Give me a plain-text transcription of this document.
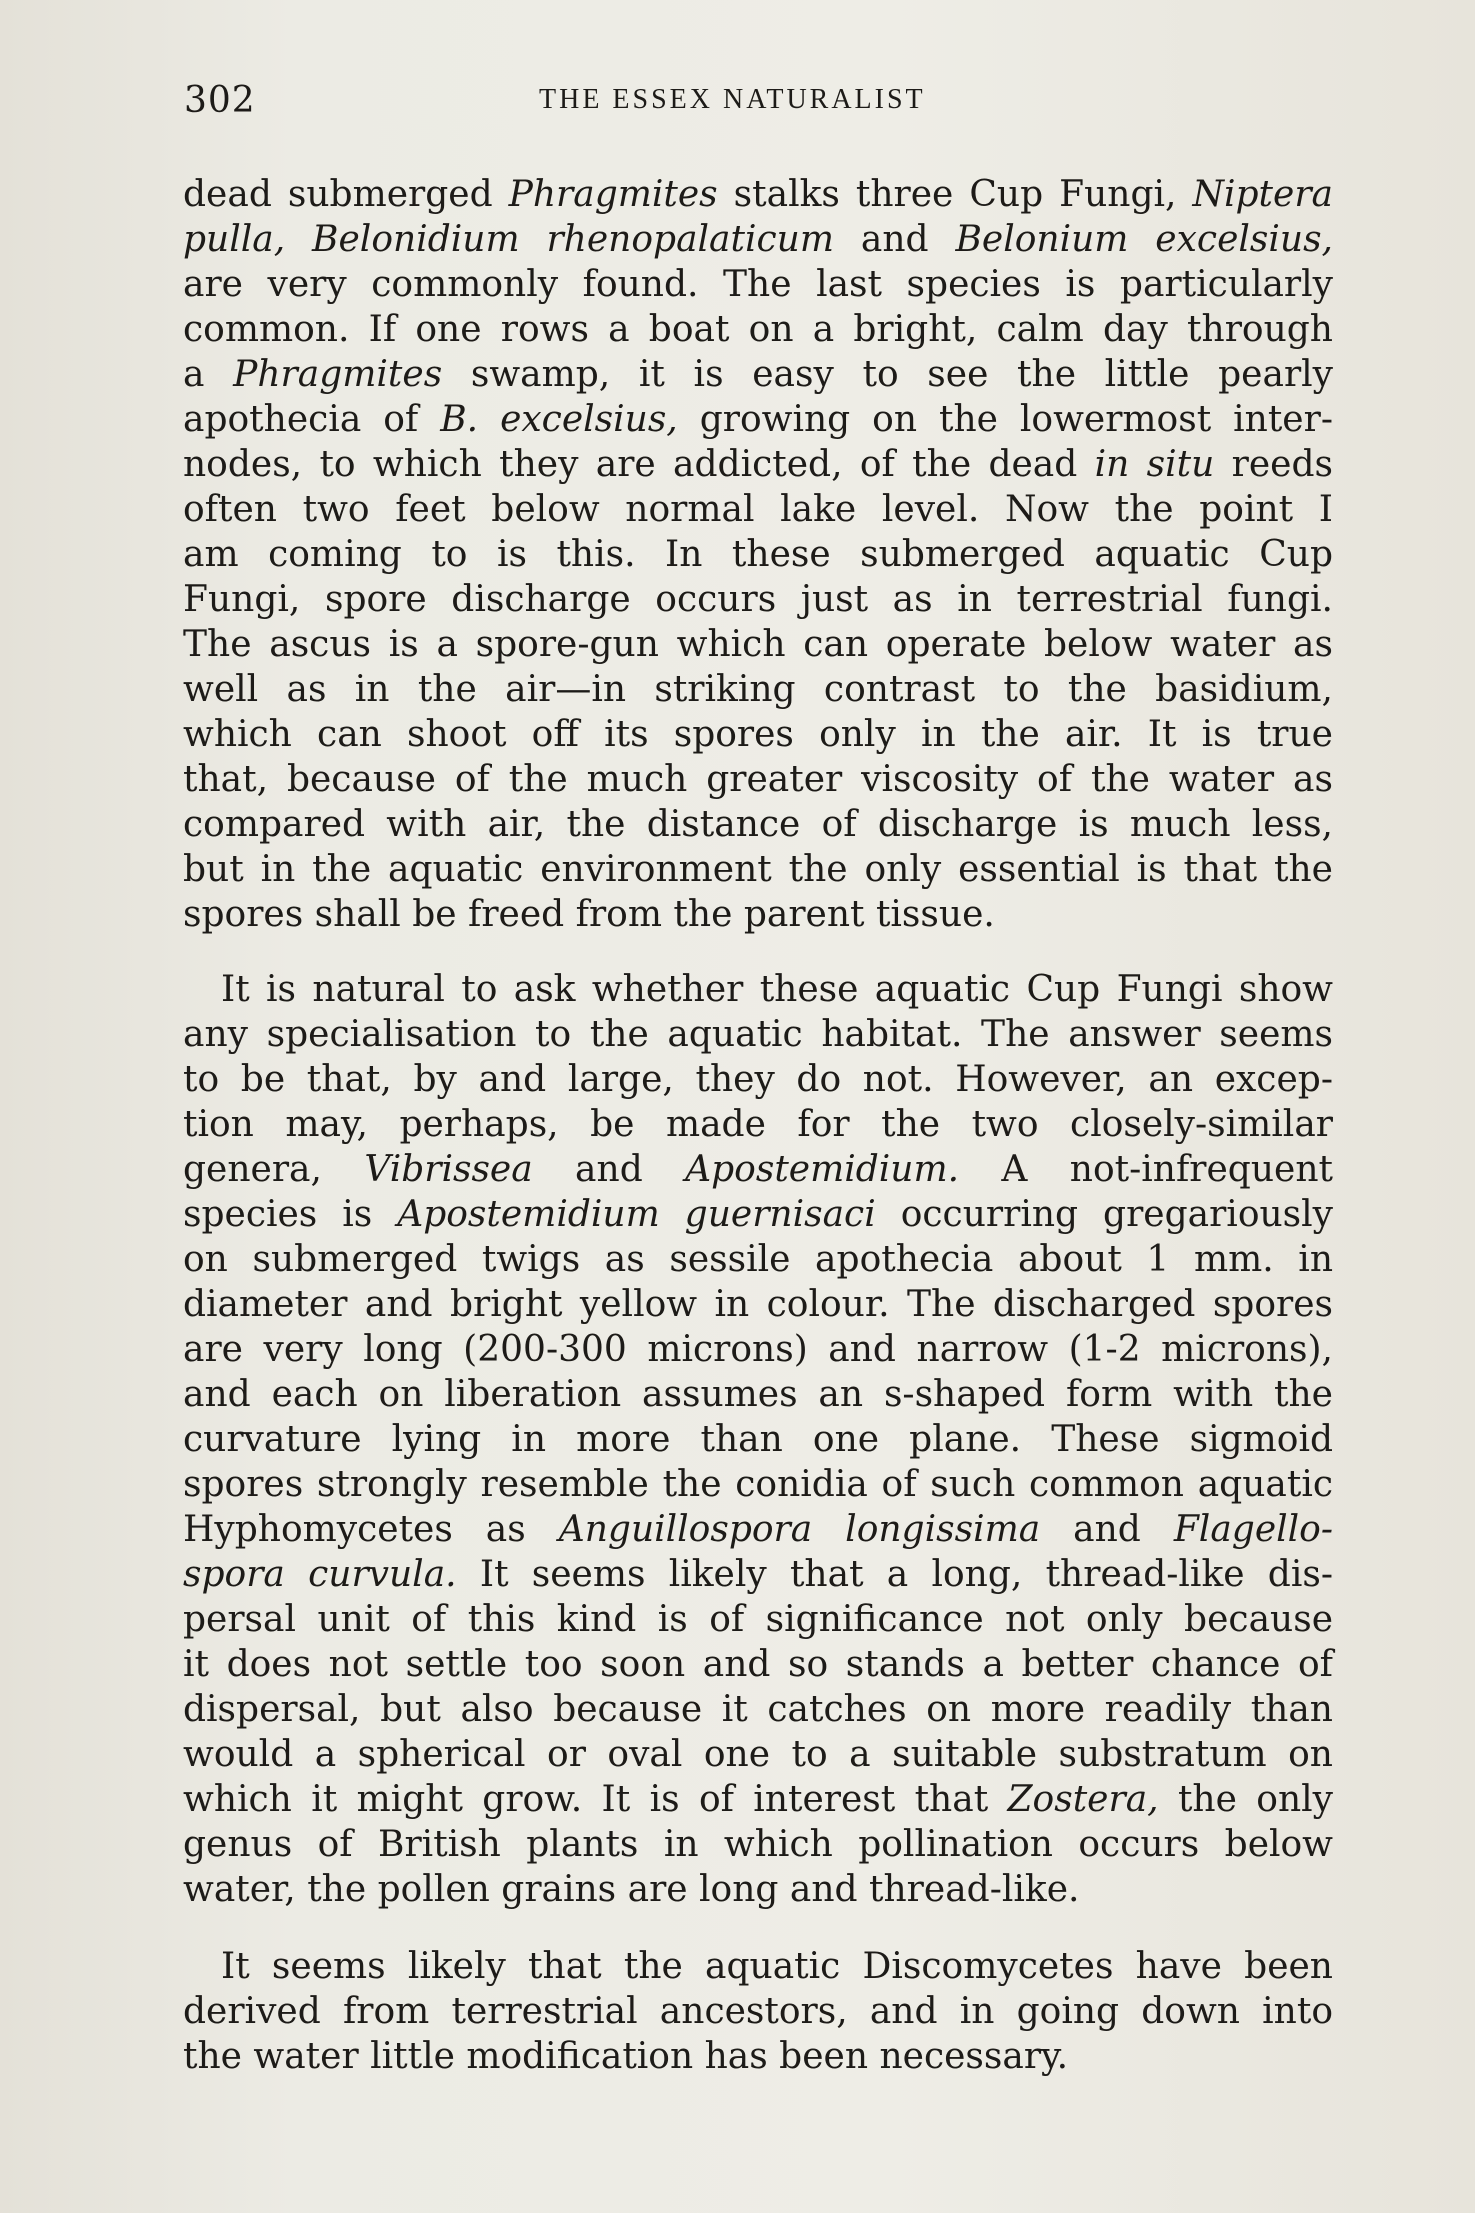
302	THE ESSEX NATURALIST
dead submerged Phragmites stalks three Cup Fungi, Niptera
pulla, Belonidium rhenopalaticum and Belonium excelsius,
are very commonly found. The last species is particularly
common. If one rows a boat on a bright, calm day through
a Phragmites swamp, it is easy to see the little pearly
apothecia of B. excelsius, growing on the lowermost inter-
nodes, to which they are addicted, of the dead in situ reeds
often two feet below normal lake level. Now the point I
am coming to is this. In these submerged aquatic Cup
Fungi, spore discharge occurs just as in terrestrial fungi.
The ascus is a spore-gun which can operate below water as
well as in the air—in striking contrast to the basidium,
which can shoot off its spores only in the air. It is true
that, because of the much greater viscosity of the water as
compared with air, the distance of discharge is much less,
but in the aquatic environment the only essential is that the
spores shall be freed from the parent tissue.
It is natural to ask whether these aquatic Cup Fungi show
any specialisation to the aquatic habitat. The answer seems
to be that, by and large, they do not. However, an excep-
tion may, perhaps, be made for the two closely-similar
genera, Vibrissea and Apostemidium. A not-infrequent
species is Apostemidium guernisaci occurring gregariously
on submerged twigs as sessile apothecia about 1 mm. in
diameter and bright yellow in colour. The discharged spores
are very long (200-300 microns) and narrow (1-2 microns),
and each on liberation assumes an s-shaped form with the
curvature lying in more than one plane. These sigmoid
spores strongly resemble the conidia of such common aquatic
Hyphomycetes as Anguillospora longissima and Flagello-
spora curvula. It seems likely that a long, thread-like dis-
persal unit of this kind is of significance not only because
it does not settle too soon and so stands a better chance of
dispersal, but also because it catches on more readily than
would a spherical or oval one to a suitable substratum on
which it might grow. It is of interest that Zostera, the only
genus of British plants in which pollination occurs below
water, the pollen grains are long and thread-like.
It seems likely that the aquatic Discomycetes have been
derived from terrestrial ancestors, and in going down into
the water little modification has been necessary.
